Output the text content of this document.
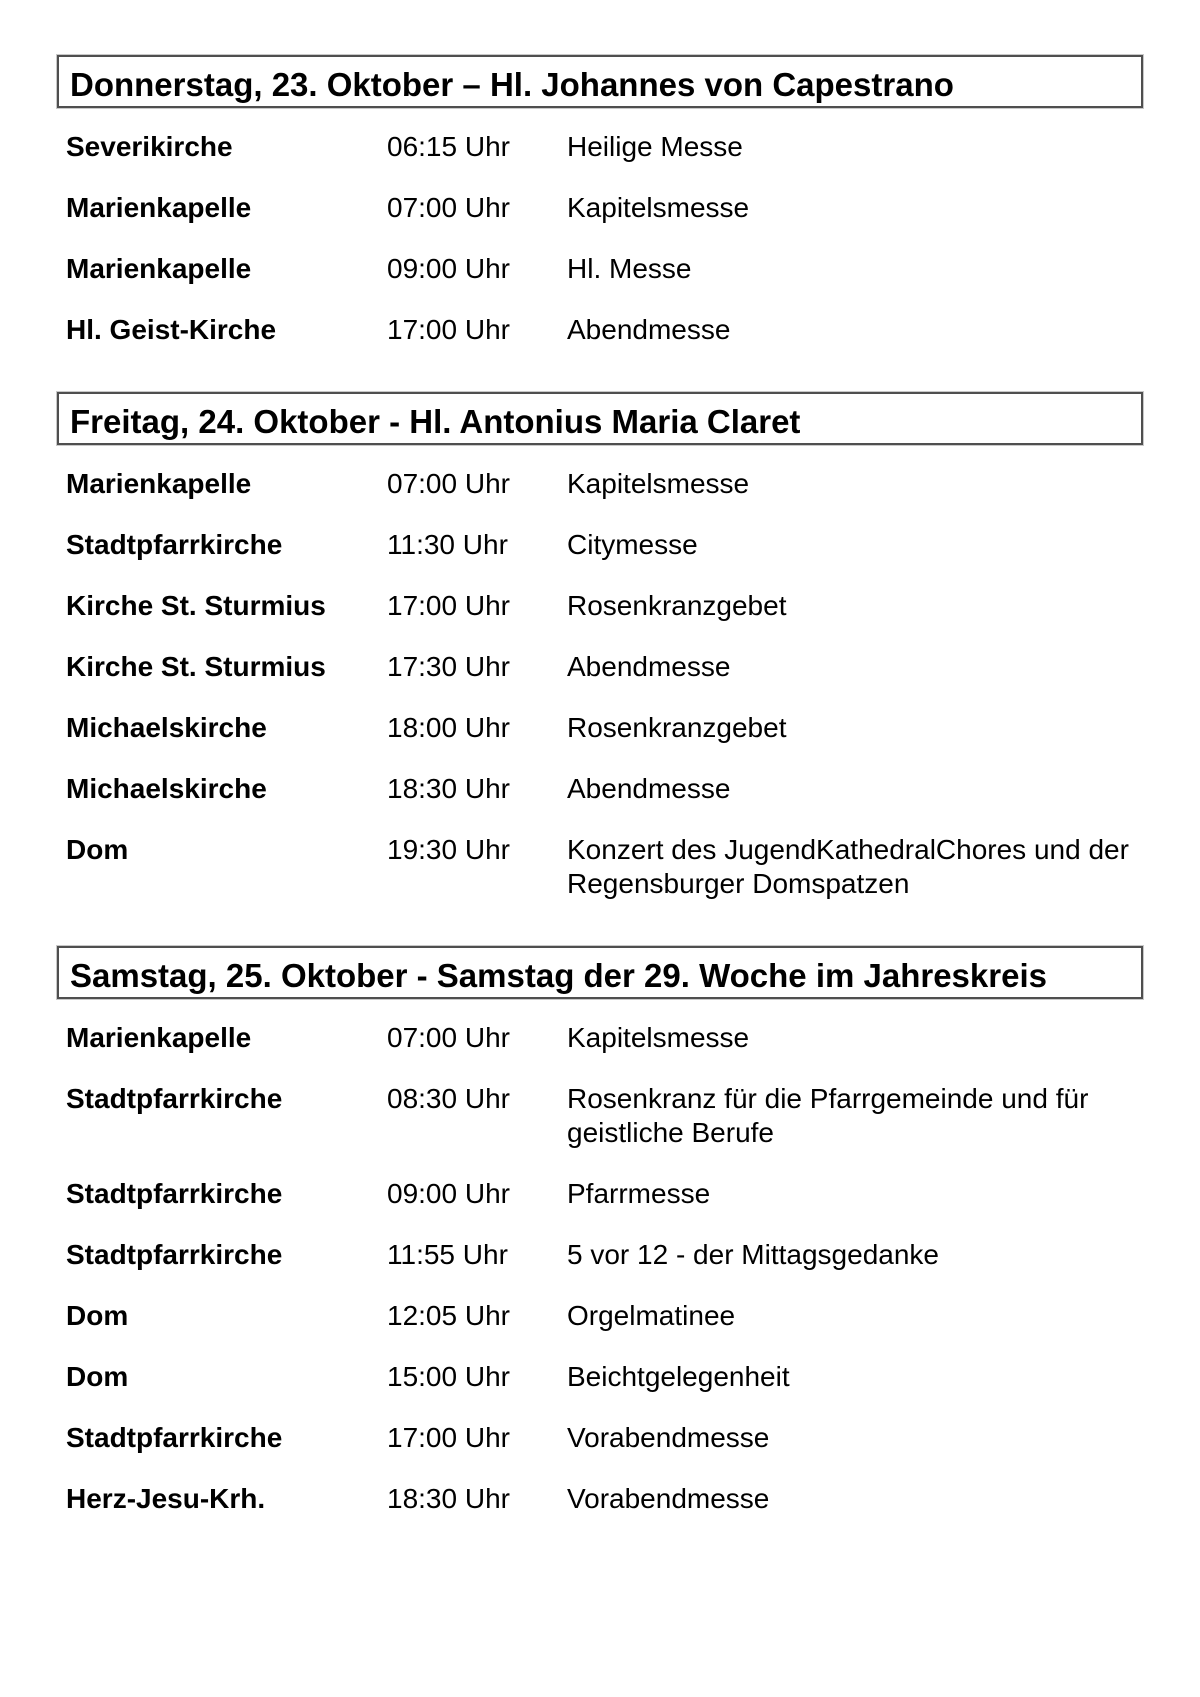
Donnerstag, 23. Oktober – Hl. Johannes von Capestrano
Severikirche	06:15 Uhr	Heilige Messe
Marienkapelle	07:00 Uhr	Kapitelsmesse
Marienkapelle	09:00 Uhr	Hl. Messe
Hl. Geist-Kirche	17:00 Uhr	Abendmesse
Freitag, 24. Oktober - Hl. Antonius Maria Claret
Marienkapelle	07:00 Uhr	Kapitelsmesse
Stadtpfarrkirche	11:30 Uhr	Citymesse
Kirche St. Sturmius	17:00 Uhr	Rosenkranzgebet
Kirche St. Sturmius	17:30 Uhr	Abendmesse
Michaelskirche	18:00 Uhr	Rosenkranzgebet
Michaelskirche	18:30 Uhr	Abendmesse
Dom	19:30 Uhr	Konzert des JugendKathedralChores und der Regensburger Domspatzen
Samstag, 25. Oktober - Samstag der 29. Woche im Jahreskreis
Marienkapelle	07:00 Uhr	Kapitelsmesse
Stadtpfarrkirche	08:30 Uhr	Rosenkranz für die Pfarrgemeinde und für geistliche Berufe
Stadtpfarrkirche	09:00 Uhr	Pfarrmesse
Stadtpfarrkirche	11:55 Uhr	5 vor 12 - der Mittagsgedanke
Dom	12:05 Uhr	Orgelmatinee
Dom	15:00 Uhr	Beichtgelegenheit
Stadtpfarrkirche	17:00 Uhr	Vorabendmesse
Herz-Jesu-Krh.	18:30 Uhr	Vorabendmesse
